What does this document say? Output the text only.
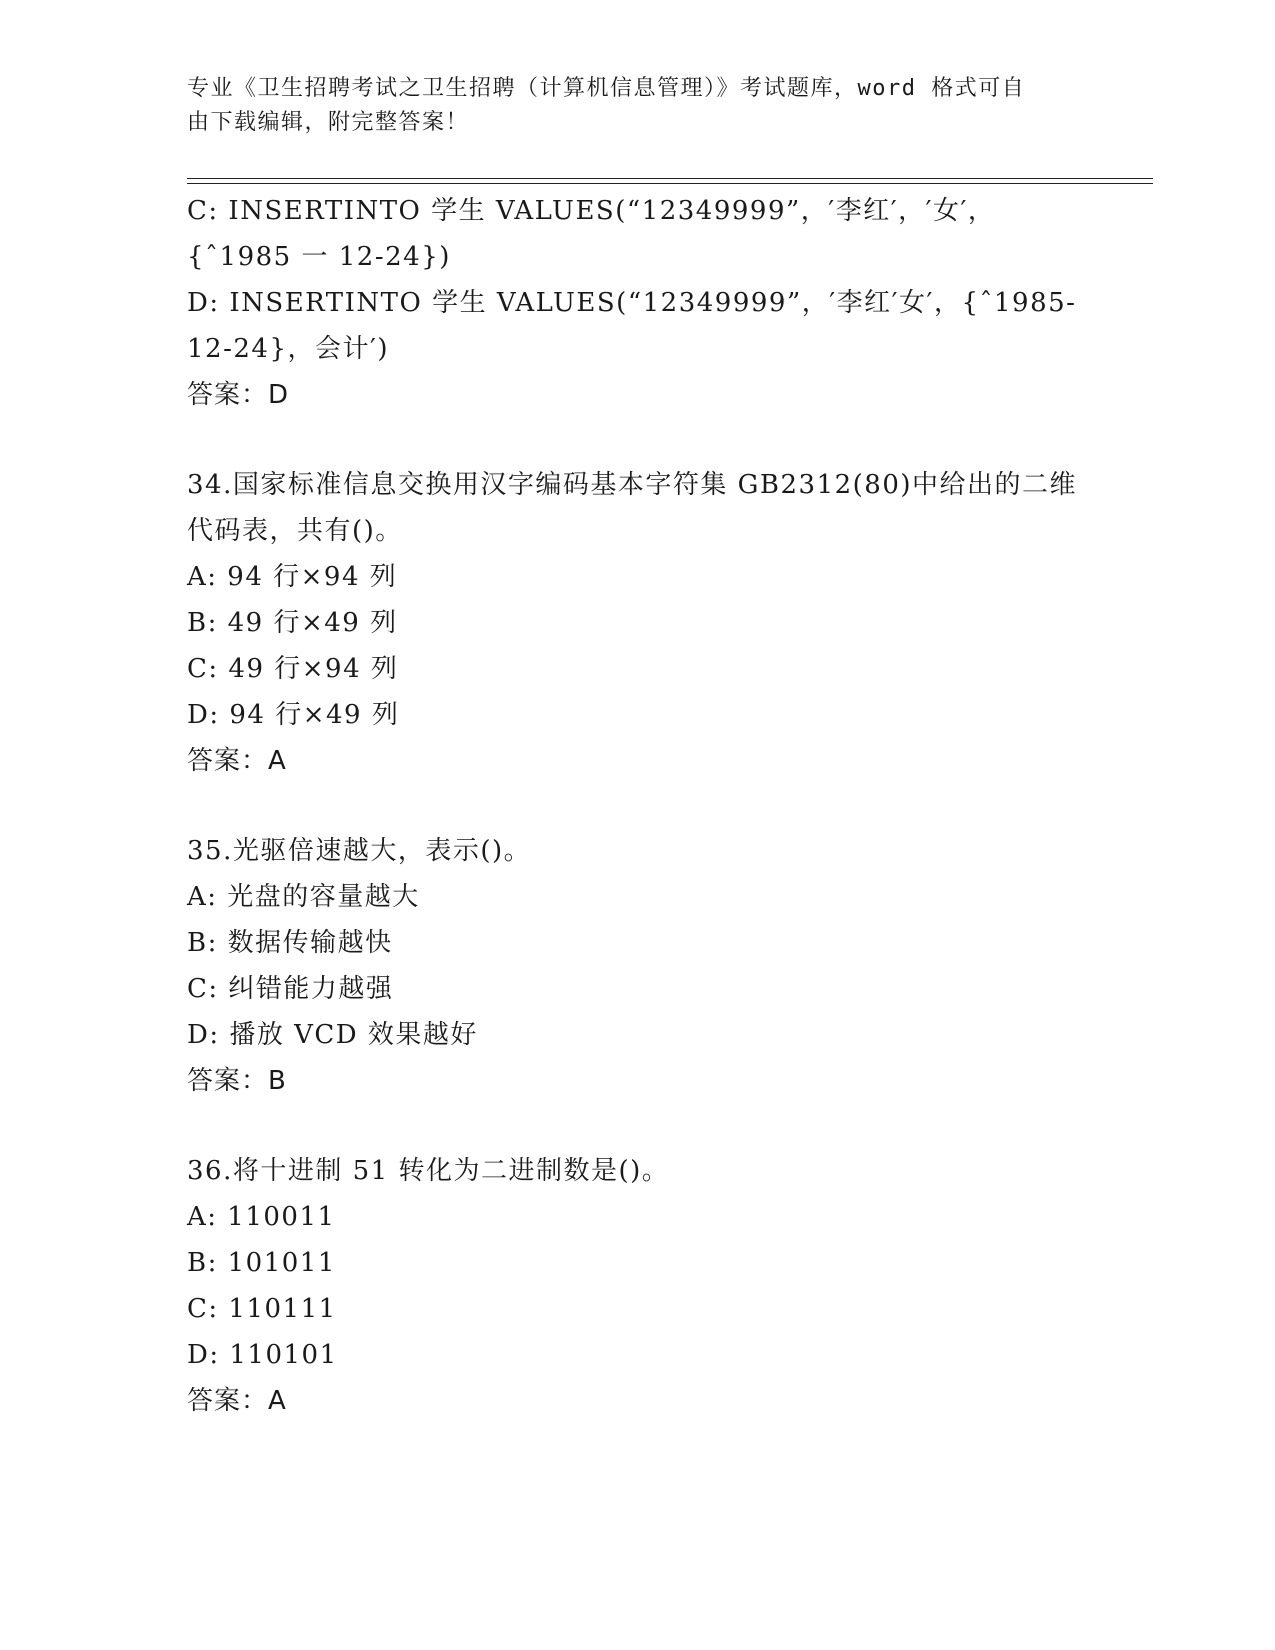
专业《卫生招聘考试之卫生招聘（计算机信息管理）》考试题库，word 格式可自
由下载编辑，附完整答案！
C: INSERTINTO 学生 VALUES(“12349999”，′李红′，′女′，
{ˆ1985 一 12-24})
D: INSERTINTO 学生 VALUES(“12349999”，′李红′女′，{ˆ1985-
12-24}，会计′)
答案：D
34.国家标准信息交换用汉字编码基本字符集 GB2312(80)中给出的二维
代码表，共有()。
A: 94 行×94 列
B: 49 行×49 列
C: 49 行×94 列
D: 94 行×49 列
答案：A
35.光驱倍速越大，表示()。
A: 光盘的容量越大
B: 数据传输越快
C: 纠错能力越强
D: 播放 VCD 效果越好
答案：B
36.将十进制 51 转化为二进制数是()。
A: 110011
B: 101011
C: 110111
D: 110101
答案：A
